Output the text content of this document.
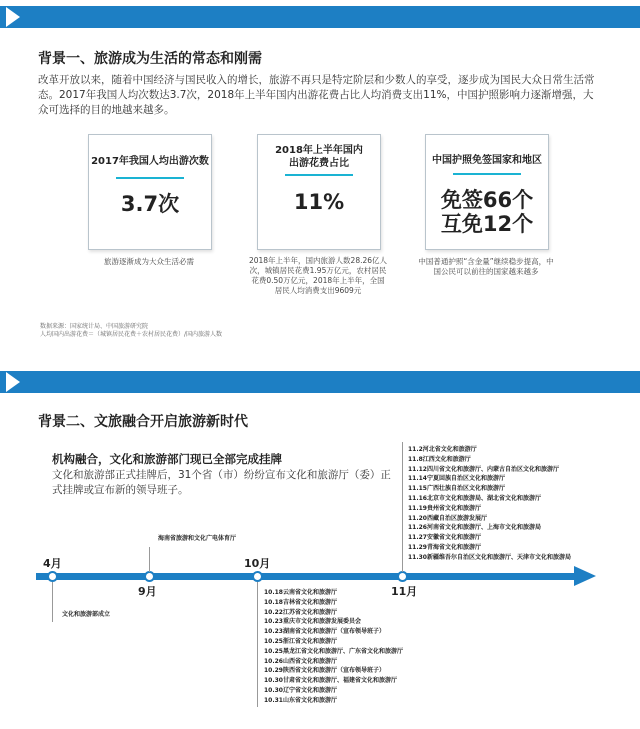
背景一、旅游成为生活的常态和刚需
改革开放以来，随着中国经济与国民收入的增长，旅游不再只是特定阶层和少数人的享受，逐步成为国民大众日常生活常态。2017年我国人均次数达3.7次，2018年上半年国内出游花费占比人均消费支出11%，中国护照影响力逐渐增强，大众可选择的目的地越来越多。
2017年我国人均出游次数
3.7次
旅游逐渐成为大众生活必需
2018年上半年国内出游花费占比
11%
2018年上半年，国内旅游人数28.26亿人次，城镇居民花费1.95万亿元，农村居民花费0.50万亿元，2018年上半年，全国居民人均消费支出9609元
中国护照免签国家和地区
免签66个
互免12个
中国普通护照“含金量”继续稳步提高，中国公民可以前往的国家越来越多
数据来源：国家统计局、中国旅游研究院
人均国内出游花费＝（城镇居民花费＋农村居民花费）/国内旅游人数
背景二、文旅融合开启旅游新时代
机构融合，文化和旅游部门现已全部完成挂牌
文化和旅游部正式挂牌后，31个省（市）纷纷宣布文化和旅游厅（委）正式挂牌或宣布新的领导班子。
4月
9月
10月
11月
文化和旅游部成立
海南省旅游和文化广电体育厅
10.18云南省文化和旅游厅
10.18吉林省文化和旅游厅
10.22江苏省文化和旅游厅
10.23重庆市文化和旅游发展委员会
10.23湖南省文化和旅游厅（宣布领导班子）
10.25浙江省文化和旅游厅
10.25黑龙江省文化和旅游厅、广东省文化和旅游厅
10.26山西省文化和旅游厅
10.29陕西省文化和旅游厅（宣布领导班子）
10.30甘肃省文化和旅游厅、福建省文化和旅游厅
10.30辽宁省文化和旅游厅
10.31山东省文化和旅游厅
11.2河北省文化和旅游厅
11.8江西文化和旅游厅
11.12四川省文化和旅游厅、内蒙古自治区文化和旅游厅
11.14宁夏回族自治区文化和旅游厅
11.15广西壮族自治区文化和旅游厅
11.16北京市文化和旅游局、湖北省文化和旅游厅
11.19贵州省文化和旅游厅
11.20西藏自治区旅游发展厅
11.26河南省文化和旅游厅、上海市文化和旅游局
11.27安徽省文化和旅游厅
11.29青海省文化和旅游厅
11.30新疆维吾尔自治区文化和旅游厅、天津市文化和旅游局
